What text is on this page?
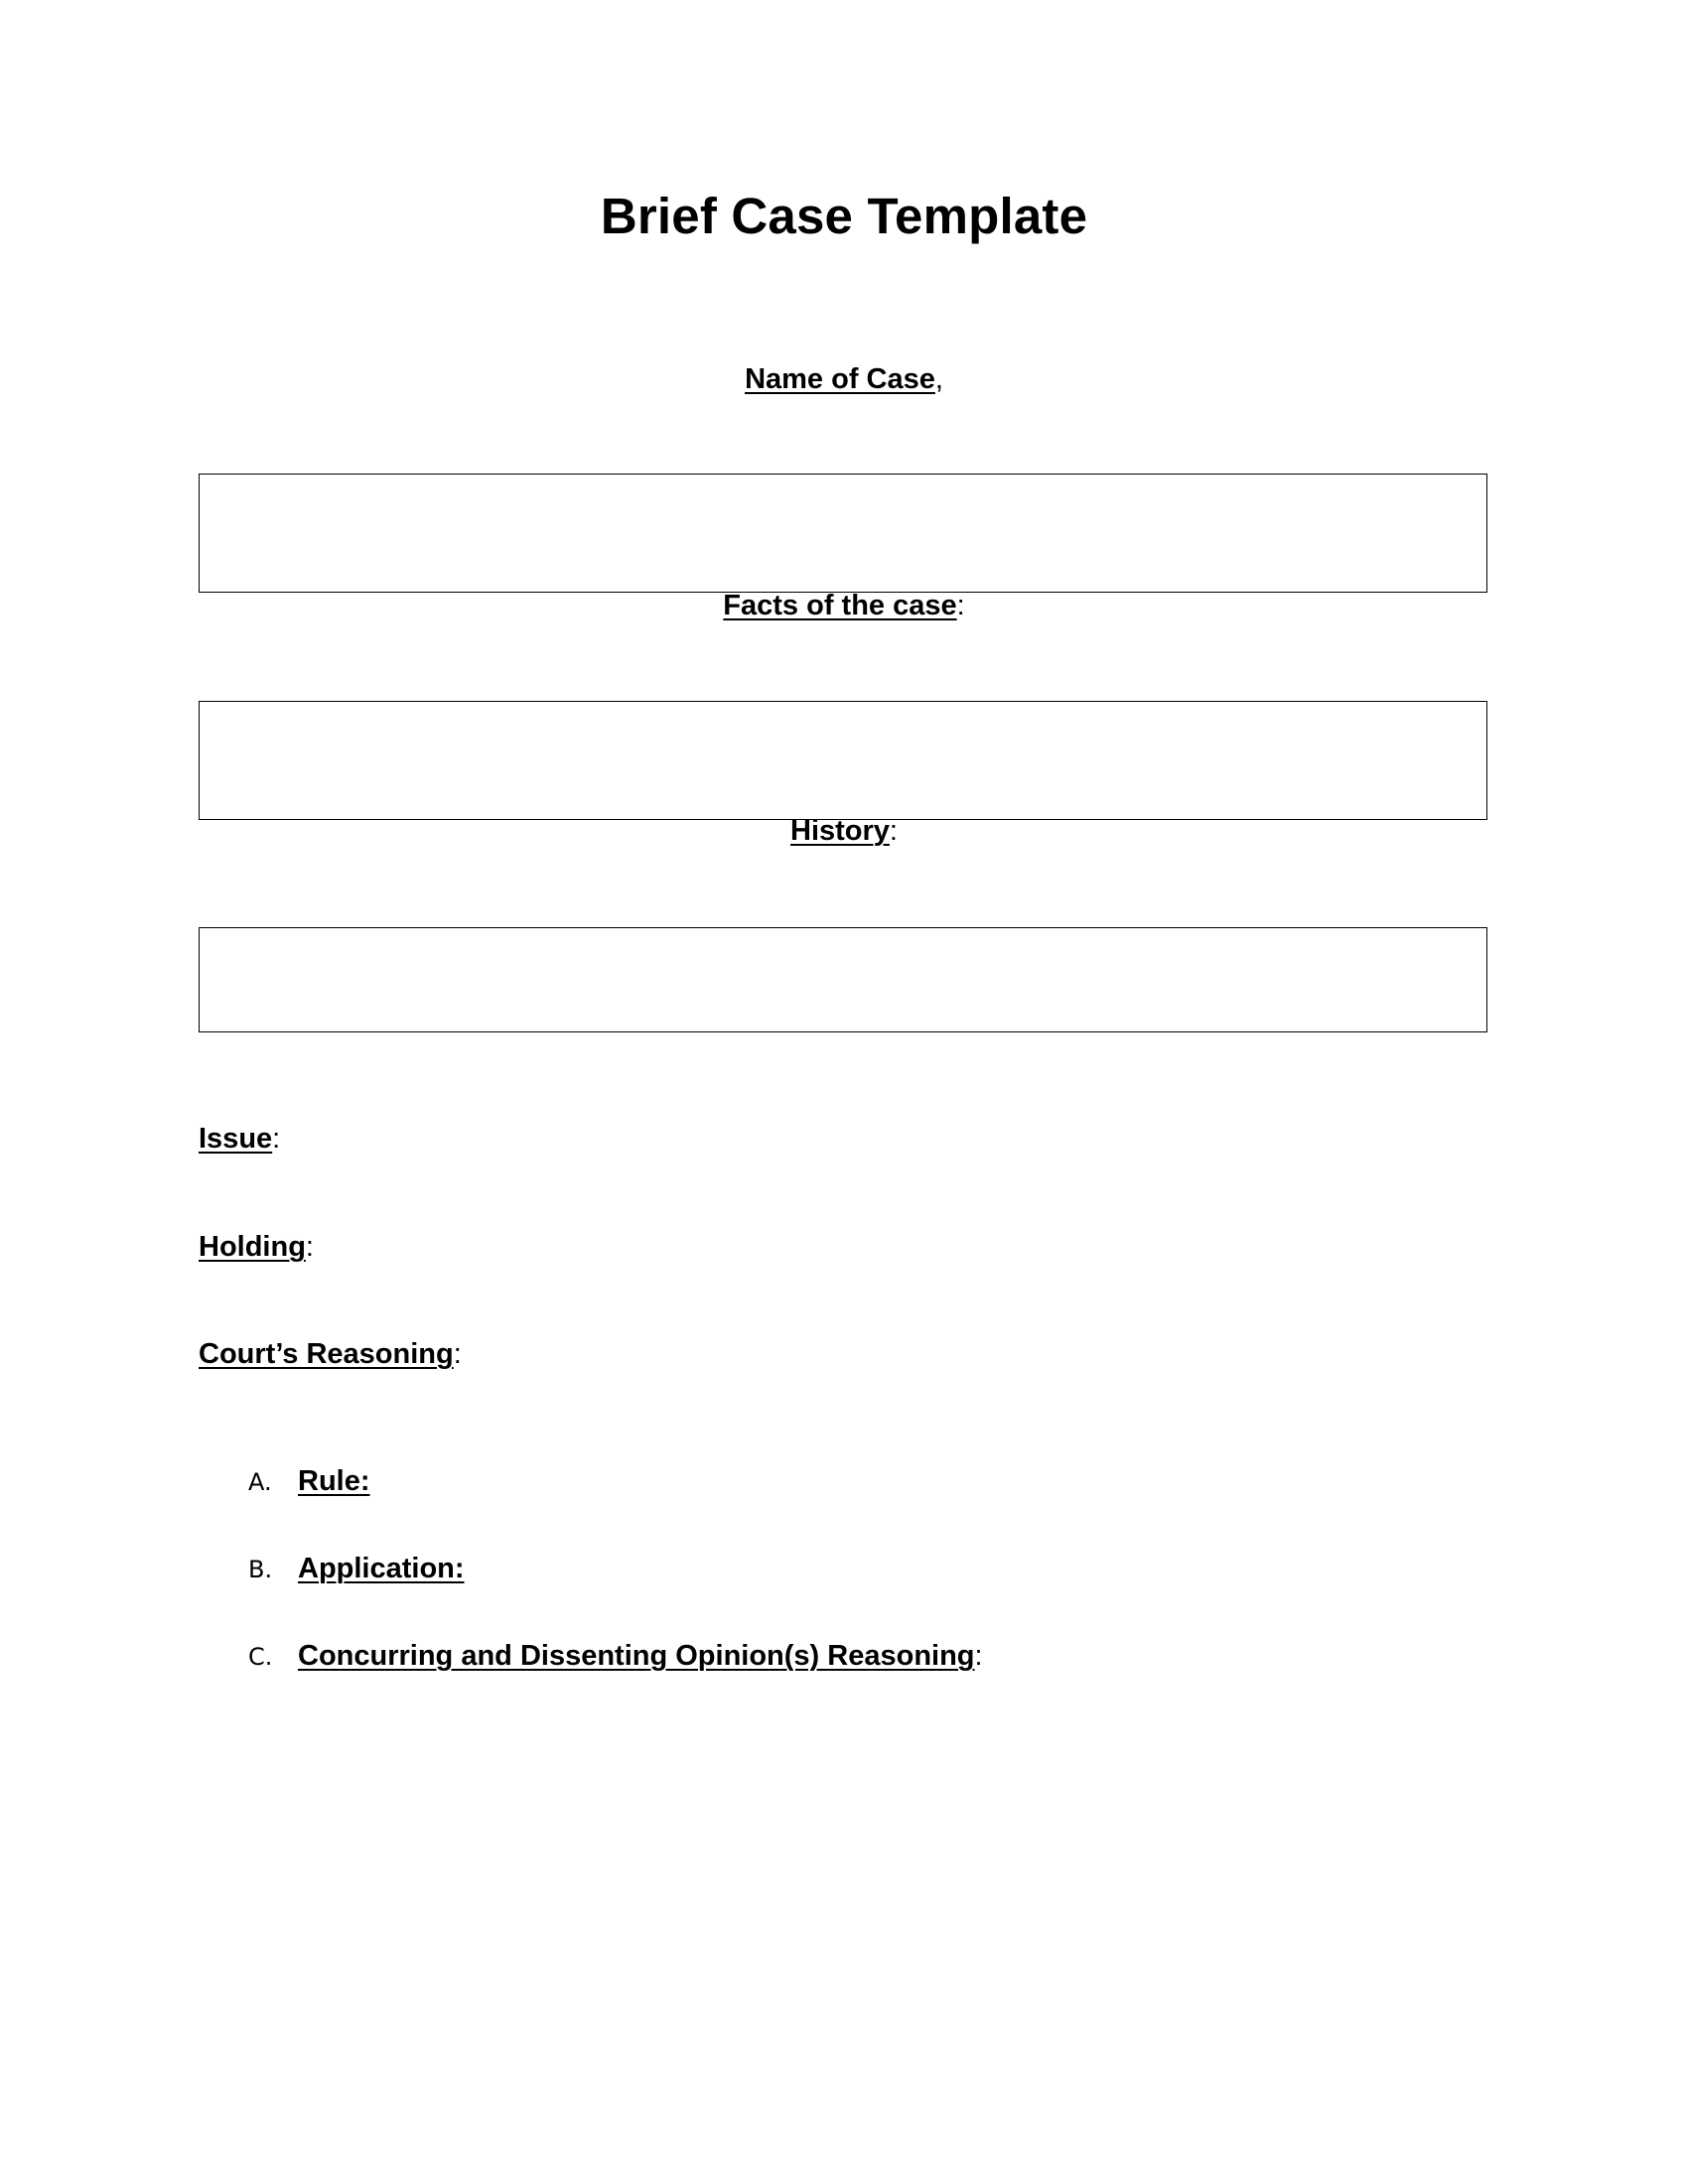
Brief Case Template
Name of Case,
Facts of the case:
History:
Issue:
Holding:
Court’s Reasoning:
A. Rule:
B. Application:
C. Concurring and Dissenting Opinion(s) Reasoning:
